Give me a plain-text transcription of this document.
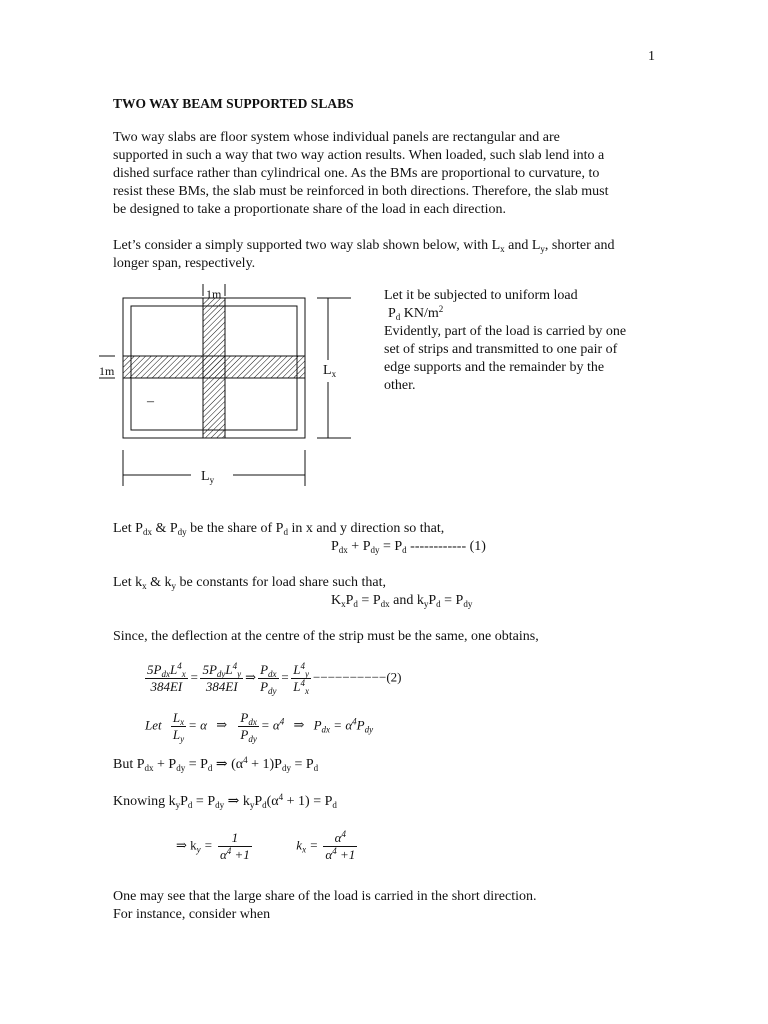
1
TWO WAY BEAM SUPPORTED SLABS
Two way slabs are floor system whose individual panels are rectangular and are
supported in such a way that two way action results. When loaded, such slab lend into a
dished surface rather than cylindrical one. As the BMs are proportional to curvature, to
resist these BMs, the slab must be reinforced in both directions. Therefore, the slab must
be designed to take a proportionate share of the load in each direction.
Let’s consider a simply supported two way slab shown below, with $L_x$ and $L_y$, shorter and
longer span, respectively.
1m
1m	$L_x$
$L_y$
–
Let it be subjected to uniform load
$P_d$ $KN/m^2$
Evidently, part of the load is carried by one
set of strips and transmitted to one pair of
edge supports and the remainder by the
other.
Let $P_{dx}$ & $P_{dy}$ be the share of $P_d$ in x and y direction so that,
$P_{dx} + P_{dy} = P_d$ ------------ (1)
Let $k_x$ & $k_y$ be constants for load share such that,
$K_xP_d = P_{dx}$ and $k_yP_d = P_{dy}$
Since, the deflection at the centre of the strip must be the same, one obtains,
$\frac{5P_{dx}L^4_x}{384EI} = \frac{5P_{dy}L^4_y}{384EI}$ ⇒ $\frac{P_{dx}}{P_{dy}} = \frac{L^4_y}{L^4_x} ----------(2)$
Let $\frac{L_x}{L_y} = \alpha$ ⇒ $\frac{P_{dx}}{P_{dy}} = \alpha^4$ ⇒ $P_{dx} = \alpha^4P_{dy}$
But $P_{dx} + P_{dy} = P_d$ ⇒ $(\alpha^4 + 1)P_{dy} = P_d$
Knowing $k_yP_d = P_{dy}$ ⇒ $k_yP_d(\alpha^4 + 1) = P_d$
⇒ $k_y = \frac{1}{\alpha^4 +1}$	$k_x = \frac{\alpha^4}{\alpha^4 +1}$
One may see that the large share of the load is carried in the short direction.
For instance, consider when
